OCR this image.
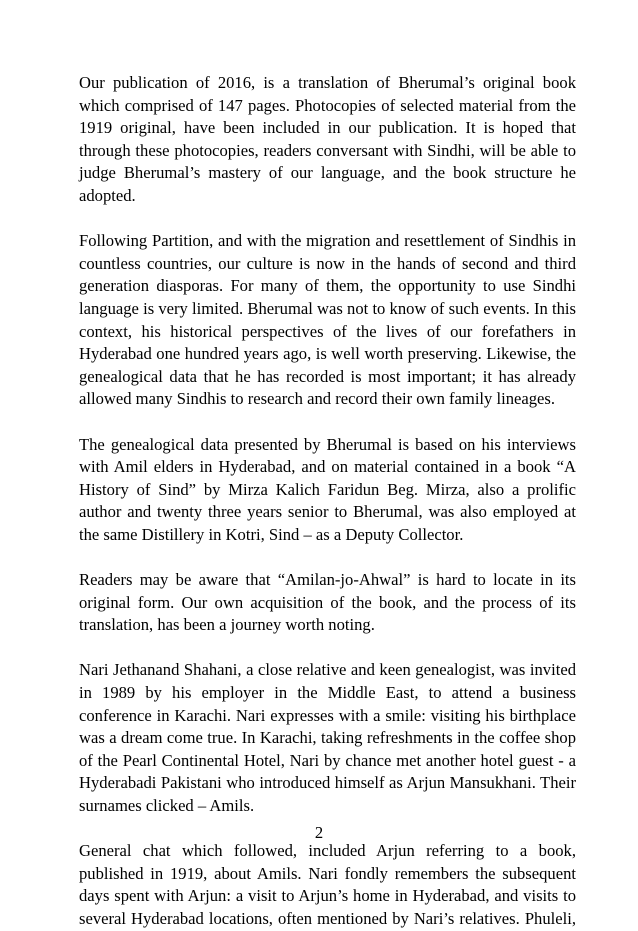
Our publication of 2016, is a translation of Bherumal’s original book which comprised of 147 pages. Photocopies of selected material from the 1919 original, have been included in our publication. It is hoped that through these photocopies, readers conversant with Sindhi, will be able to judge Bherumal’s mastery of our language, and the book structure he adopted.

Following Partition, and with the migration and resettlement of Sindhis in countless countries, our culture is now in the hands of second and third generation diasporas. For many of them, the opportunity to use Sindhi language is very limited. Bherumal was not to know of such events. In this context, his historical perspectives of the lives of our forefathers in Hyderabad one hundred years ago, is well worth preserving. Likewise, the genealogical data that he has recorded is most important; it has already allowed many Sindhis to research and record their own family lineages.

The genealogical data presented by Bherumal is based on his interviews with Amil elders in Hyderabad, and on material contained in a book “A History of Sind” by Mirza Kalich Faridun Beg. Mirza, also a prolific author and twenty three years senior to Bherumal, was also employed at the same Distillery in Kotri, Sind – as a Deputy Collector.

Readers may be aware that “Amilan-jo-Ahwal” is hard to locate in its original form. Our own acquisition of the book, and the process of its translation, has been a journey worth noting.

Nari Jethanand Shahani, a close relative and keen genealogist, was invited in 1989 by his employer in the Middle East, to attend a business conference in Karachi. Nari expresses with a smile: visiting his birthplace was a dream come true. In Karachi, taking refreshments in the coffee shop of the Pearl Continental Hotel, Nari by chance met another hotel guest - a Hyderabadi Pakistani who introduced himself as Arjun Mansukhani. Their surnames clicked – Amils.

General chat which followed, included Arjun referring to a book, published in 1919, about Amils. Nari fondly remembers the subsequent days spent with Arjun: a visit to Arjun’s home in Hyderabad, and visits to several Hyderabad locations, often mentioned by Nari’s relatives. Phuleli,

2
